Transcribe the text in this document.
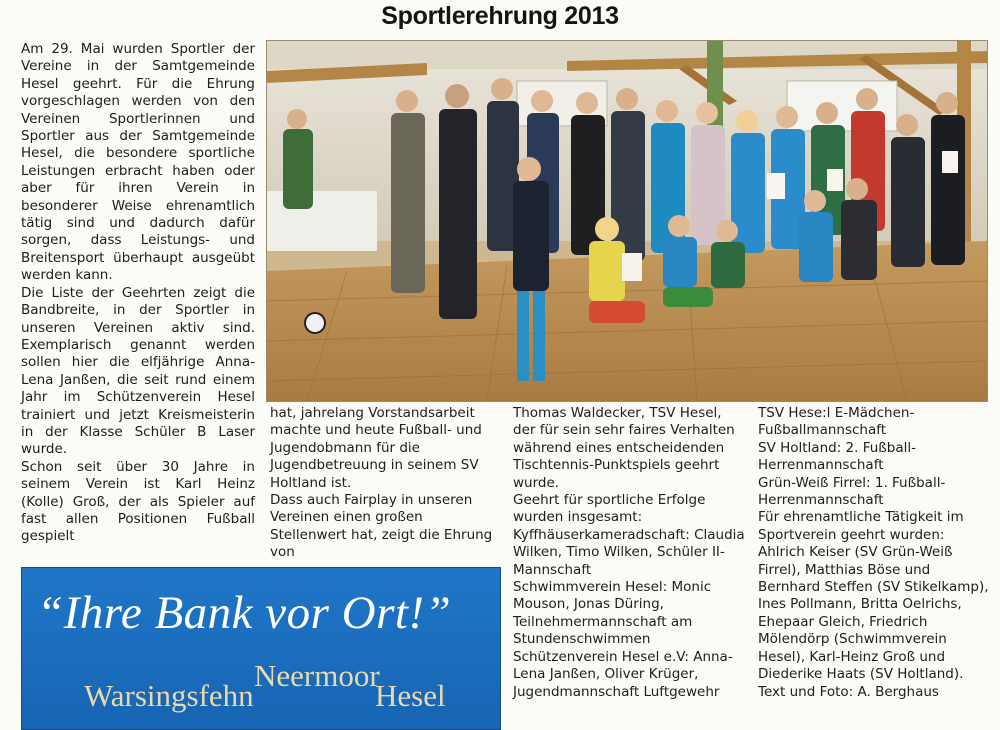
Sportlerehrung 2013

Am 29. Mai wurden Sportler der Vereine in der Samtgemeinde Hesel geehrt. Für die Ehrung vorgeschlagen werden von den Vereinen Sportlerinnen und Sportler aus der Samtgemeinde Hesel, die besondere sportliche Leistungen erbracht haben oder aber für ihren Verein in besonderer Weise ehrenamtlich tätig sind und dadurch dafür sorgen, dass Leistungs- und Breitensport überhaupt ausgeübt werden kann.

Die Liste der Geehrten zeigt die Bandbreite, in der Sportler in unseren Vereinen aktiv sind. Exemplarisch genannt werden sollen hier die elfjährige Anna-Lena Janßen, die seit rund einem Jahr im Schützenverein Hesel trainiert und jetzt Kreismeisterin in der Klasse Schüler B Laser wurde.

Schon seit über 30 Jahre in seinem Verein ist Karl Heinz (Kolle) Groß, der als Spieler auf fast allen Positionen Fußball gespielt

hat, jahrelang Vorstandsarbeit machte und heute Fußball- und Jugendobmann für die Jugendbetreuung in seinem SV Holtland ist.

Dass auch Fairplay in unseren Vereinen einen großen Stellenwert hat, zeigt die Ehrung von

Thomas Waldecker, TSV Hesel, der für sein sehr faires Verhalten während eines entscheidenden Tischtennis-Punktspiels geehrt wurde.

Geehrt für sportliche Erfolge wurden insgesamt:

Kyffhäuserkameradschaft: Claudia Wilken, Timo Wilken, Schüler II-Mannschaft

Schwimmverein Hesel: Monic Mouson, Jonas Düring, Teilnehmermannschaft am Stundenschwimmen

Schützenverein Hesel e.V: Anna-Lena Janßen, Oliver Krüger, Jugendmannschaft Luftgewehr

TSV Hese:l E-Mädchen-Fußballmannschaft

SV Holtland: 2. Fußball-Herrenmannschaft

Grün-Weiß Firrel: 1. Fußball-Herrenmannschaft

Für ehrenamtliche Tätigkeit im Sportverein geehrt wurden: Ahlrich Keiser (SV Grün-Weiß Firrel), Matthias Böse und Bernhard Steffen (SV Stikelkamp), Ines Pollmann, Britta Oelrichs, Ehepaar Gleich, Friedrich Mölendörp (Schwimmverein Hesel), Karl-Heinz Groß und Diederike Haats (SV Holtland).

Text und Foto: A. Berghaus

“Ihre Bank vor Ort!”
Warsingsfehn
Neermoor
Hesel
